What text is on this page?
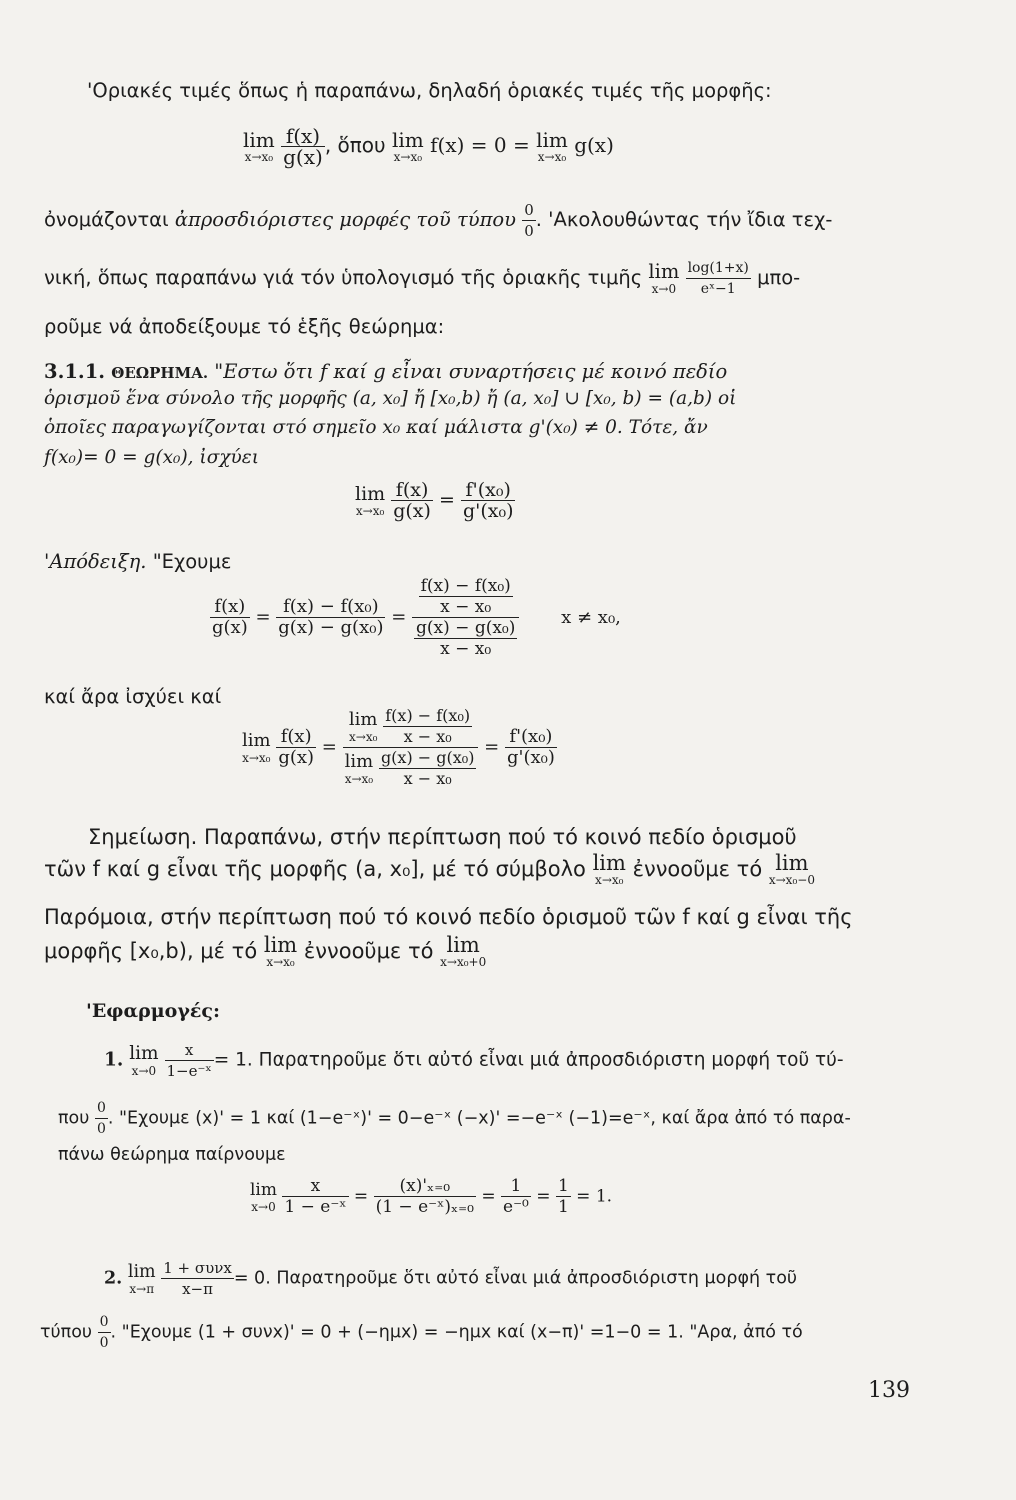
'Οριακές τιμές ὅπως ἡ παραπάνω, δηλαδή ὁριακές τιμές τῆς μορφῆς:
lim
x→x₀
$\frac{f(x)}{g(x)}$ , ὅπου lim
x→x₀ f(x) = 0 = lim
x→x₀ g(x)
ὀνομάζονται ἀπροσδιόριστες μορφές τοῦ τύπου $\frac{0}{0}$ . 'Ακολουθώντας τήν ἴδια τεχ-
νική, ὅπως παραπάνω γιά τόν ὑπολογισμό τῆς ὁριακῆς τιμῆς lim
x→0
$\frac{\log(1+x)}{\text{eˣ−1}} \mu\pi o-$
ροῦμε νά ἀποδείξουμε τό ἑξῆς θεώρημα:
3.1.1. ΘΕΩΡΗΜΑ. "Εστω ὅτι f καί g εἶναι συναρτήσεις μέ κοινό πεδίο
ὁρισμοῦ ἕνα σύνολο τῆς μορφῆς (a, x₀] ἤ [x₀,b) ἤ (a, x₀] ∪ [x₀, b) = (a,b) οἱ
ὁποῖες παραγωγίζονται στό σημεῖο x₀ καί μάλιστα g'(x₀) ≠ 0. Τότε, ἄν
f(x₀)= 0 = g(x₀), ἰσχύει
lim
x→x₀
$\frac{f(x)}{g(x)} = \frac{\text{f'(x₀)}}{\text{g'(x₀)}}$
'Απόδειξη. "Εχουμε
$\frac{f(x)}{g(x)} = \frac{\text{f(x) − f(x₀)}}{\text{g(x) − g(x₀)}} = \frac{\frac{\text{f(x) − f(x₀)}}{\text{x − x₀}}}{\frac{\text{g(x) − g(x₀)}}{\text{x − x₀}}}$ x ≠ x₀,
καί ἄρα ἰσχύει καί
lim
x→x₀
$\frac{f(x)}{g(x)} = \lim$
x→x₀
$\frac{\text{f(x) − f(x₀)}}{\text{x − x₀}}$
lim
x→x₀
$\frac{\text{g(x) − g(x₀)}}{\text{x − x₀}} = \frac{\text{f'(x₀)}}{\text{g'(x₀)}}$
Σημείωση. Παραπάνω, στήν περίπτωση πού τό κοινό πεδίο ὁρισμοῦ
τῶν f καί g εἶναι τῆς μορφῆς (a, x₀], μέ τό σύμβολο lim
x→x₀ ἐννοοῦμε τό lim
x→x₀−0
Παρόμοια, στήν περίπτωση πού τό κοινό πεδίο ὁρισμοῦ τῶν f καί g εἶναι τῆς
μορφῆς [x₀,b), μέ τό lim
x→x₀ ἐννοοῦμε τό lim
x→x₀+0
'Εφαρμογές:
1. lim
x→0
$\frac{x}{\text{1−e⁻ˣ}} = 1$. Παρατηροῦμε ὅτι αὐτό εἶναι μιά ἀπροσδιόριστη μορφή τοῦ τύ-
που $\frac{0}{0}$ . "Εχουμε (x)' = 1 καί (1−e⁻ˣ)' = 0−e⁻ˣ (−x)' =−e⁻ˣ (−1)=e⁻ˣ, καί ἄρα ἀπό τό παρα-
πάνω θεώρημα παίρνουμε
lim
x→0
$\frac{x}{\text{1 − e⁻ˣ}} = \frac{\text{(x)'ₓ₌₀}}{\text{(1 − e⁻ˣ)ₓ₌₀}} = \frac{1}{\text{e⁻⁰}} = \frac{1}{1} = 1$.
2. lim
x→π
$\frac{\text{1 + συνx}}{x-\pi} = 0$. Παρατηροῦμε ὅτι αὐτό εἶναι μιά ἀπροσδιόριστη μορφή τοῦ
τύπου $\frac{0}{0}$ . "Εχουμε (1 + συνx)' = 0 + (−ημx) = −ημx καί (x−π)' =1−0 = 1. "Αρα, ἀπό τό
139
